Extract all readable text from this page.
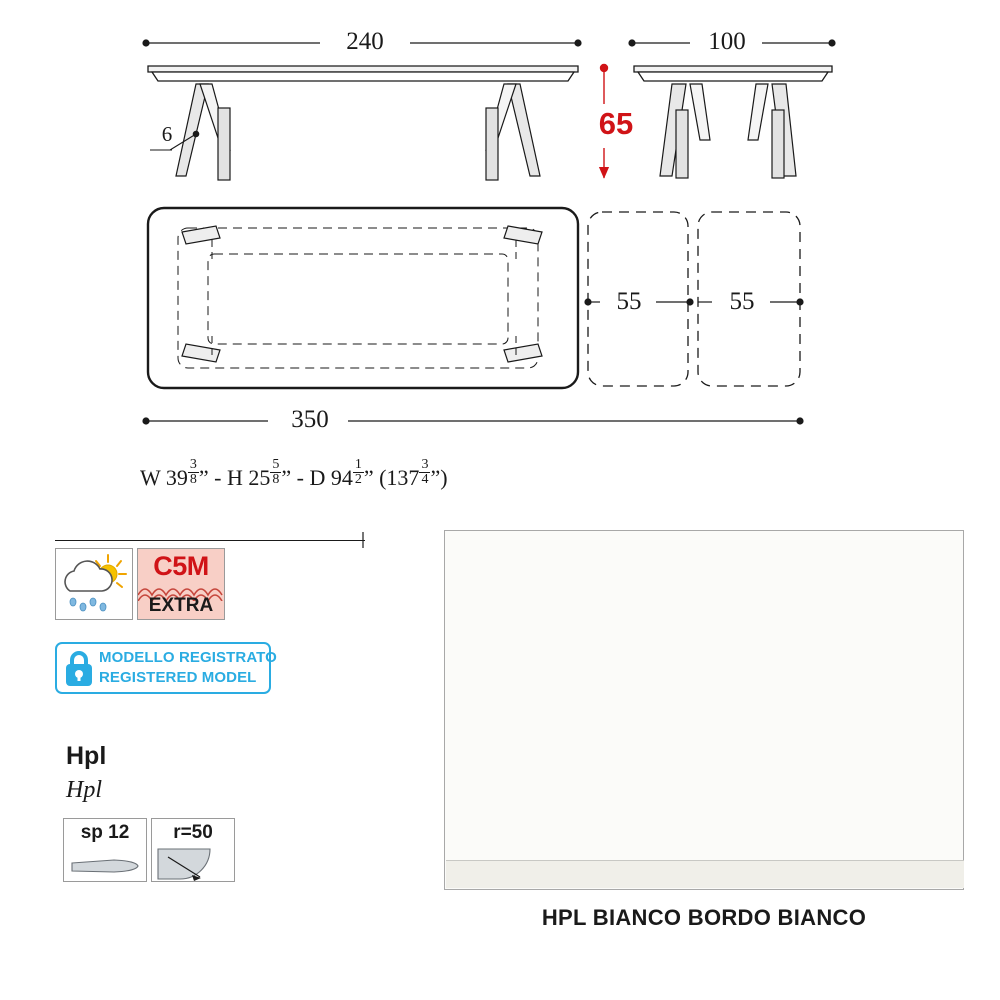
240
6
100
65
55	55
350
W $39 \frac{3}{8}$ ” - H $25 \frac{5}{8}$ ” - D $94 \frac{1}{2}$ ” ($137 \frac{3}{4}$ ”)
C5M
EXTRA
MODELLO REGISTRATO
REGISTERED MODEL
Hpl
Hpl
sp 12	r=50
HPL BIANCO BORDO BIANCO
